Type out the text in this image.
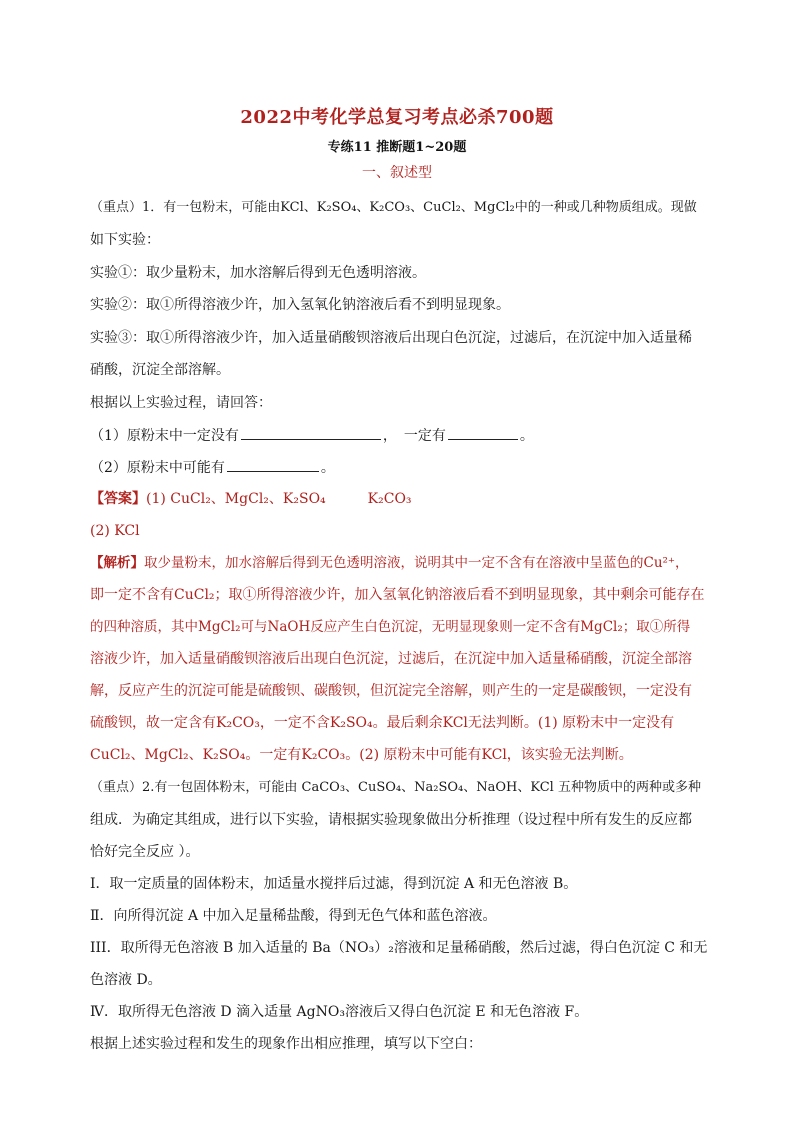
2022中考化学总复习考点必杀700题
专练11 推断题1~20题
一、叙述型
（重点）1．有一包粉末，可能由KCl、K₂SO₄、K₂CO₃、CuCl₂、MgCl₂中的一种或几种物质组成。现做
如下实验：
实验①：取少量粉末，加水溶解后得到无色透明溶液。
实验②：取①所得溶液少许，加入氢氧化钠溶液后看不到明显现象。
实验③：取①所得溶液少许，加入适量硝酸钡溶液后出现白色沉淀，过滤后，在沉淀中加入适量稀
硝酸，沉淀全部溶解。
根据以上实验过程，请回答：
（1）原粉末中一定没有	，　一定有	。
（2）原粉末中可能有	。
【答案】(1) CuCl₂、MgCl₂、K₂SO₄　　　K₂CO₃
(2) KCl
【解析】取少量粉末，加水溶解后得到无色透明溶液，说明其中一定不含有在溶液中呈蓝色的Cu²⁺，
即一定不含有CuCl₂；取①所得溶液少许，加入氢氧化钠溶液后看不到明显现象，其中剩余可能存在
的四种溶质，其中MgCl₂可与NaOH反应产生白色沉淀，无明显现象则一定不含有MgCl₂；取①所得
溶液少许，加入适量硝酸钡溶液后出现白色沉淀，过滤后，在沉淀中加入适量稀硝酸，沉淀全部溶
解，反应产生的沉淀可能是硫酸钡、碳酸钡，但沉淀完全溶解，则产生的一定是碳酸钡，一定没有
硫酸钡，故一定含有K₂CO₃，一定不含K₂SO₄。最后剩余KCl无法判断。(1) 原粉末中一定没有
CuCl₂、MgCl₂、K₂SO₄。一定有K₂CO₃。(2) 原粉末中可能有KCl，该实验无法判断。
（重点）2.有一包固体粉末，可能由 CaCO₃、CuSO₄、Na₂SO₄、NaOH、KCl 五种物质中的两种或多种
组成．为确定其组成，进行以下实验，请根据实验现象做出分析推理（设过程中所有发生的反应都
恰好完全反应 ）。
Ⅰ．取一定质量的固体粉末，加适量水搅拌后过滤，得到沉淀 A 和无色溶液 B。
Ⅱ．向所得沉淀 A 中加入足量稀盐酸，得到无色气体和蓝色溶液。
III．取所得无色溶液 B 加入适量的 Ba（NO₃）₂溶液和足量稀硝酸，然后过滤，得白色沉淀 C 和无
色溶液 D。
Ⅳ．取所得无色溶液 D 滴入适量 AgNO₃溶液后又得白色沉淀 E 和无色溶液 F。
根据上述实验过程和发生的现象作出相应推理，填写以下空白：
